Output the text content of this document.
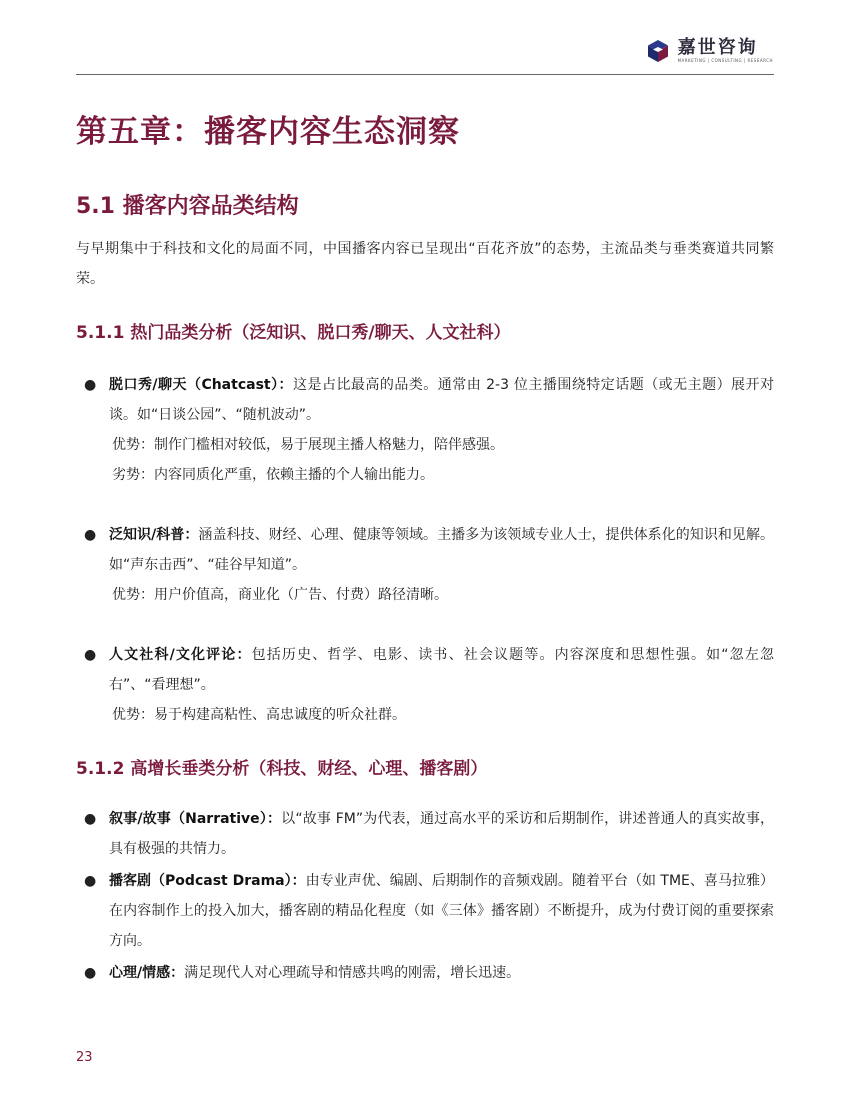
嘉世咨询
MARKETING | CONSULTING | RESEARCH
第五章：播客内容生态洞察
5.1 播客内容品类结构

与早期集中于科技和文化的局面不同，中国播客内容已呈现出“百花齐放”的态势，主流品类与垂类赛道共同繁荣。

5.1.1 热门品类分析（泛知识、脱口秀/聊天、人文社科）
● 脱口秀/聊天（Chatcast）：这是占比最高的品类。通常由 2-3 位主播围绕特定话题（或无主题）展开对谈。如“日谈公园”、“随机波动”。
优势：制作门槛相对较低，易于展现主播人格魅力，陪伴感强。
劣势：内容同质化严重，依赖主播的个人输出能力。
● 泛知识/科普：涵盖科技、财经、心理、健康等领域。主播多为该领域专业人士，提供体系化的知识和见解。如“声东击西”、“硅谷早知道”。
优势：用户价值高，商业化（广告、付费）路径清晰。
● 人文社科/文化评论：包括历史、哲学、电影、读书、社会议题等。内容深度和思想性强。如“忽左忽右”、“看理想”。
优势：易于构建高粘性、高忠诚度的听众社群。
5.1.2 高增长垂类分析（科技、财经、心理、播客剧）
● 叙事/故事（Narrative）：以“故事 FM”为代表，通过高水平的采访和后期制作，讲述普通人的真实故事，具有极强的共情力。
● 播客剧（Podcast Drama）：由专业声优、编剧、后期制作的音频戏剧。随着平台（如 TME、喜马拉雅）在内容制作上的投入加大，播客剧的精品化程度（如《三体》播客剧）不断提升，成为付费订阅的重要探索方向。
● 心理/情感：满足现代人对心理疏导和情感共鸣的刚需，增长迅速。
23
